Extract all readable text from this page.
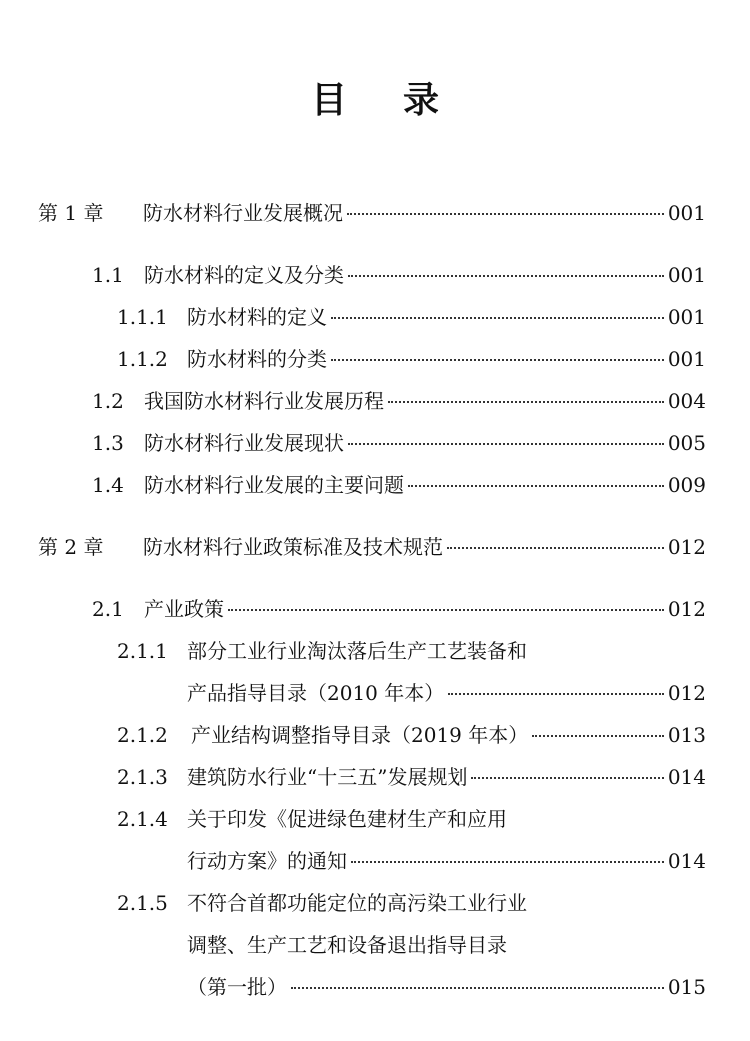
目录
第 1 章	防水材料行业发展概况	001
1.1	防水材料的定义及分类	001
1.1.1 防水材料的定义	001
1.1.2 防水材料的分类	001
1.2	我国防水材料行业发展历程	004
1.3	防水材料行业发展现状	005
1.4	防水材料行业发展的主要问题	009
第 2 章	防水材料行业政策标准及技术规范	012
2.1	产业政策	012
2.1.1 部分工业行业淘汰落后生产工艺装备和
产品指导目录（2010 年本）	012
2.1.2	产业结构调整指导目录（2019 年本）	013
2.1.3 建筑防水行业“十三五”发展规划	014
2.1.4 关于印发《促进绿色建材生产和应用
行动方案》的通知	014
2.1.5 不符合首都功能定位的高污染工业行业
调整、生产工艺和设备退出指导目录
（第一批）	015
